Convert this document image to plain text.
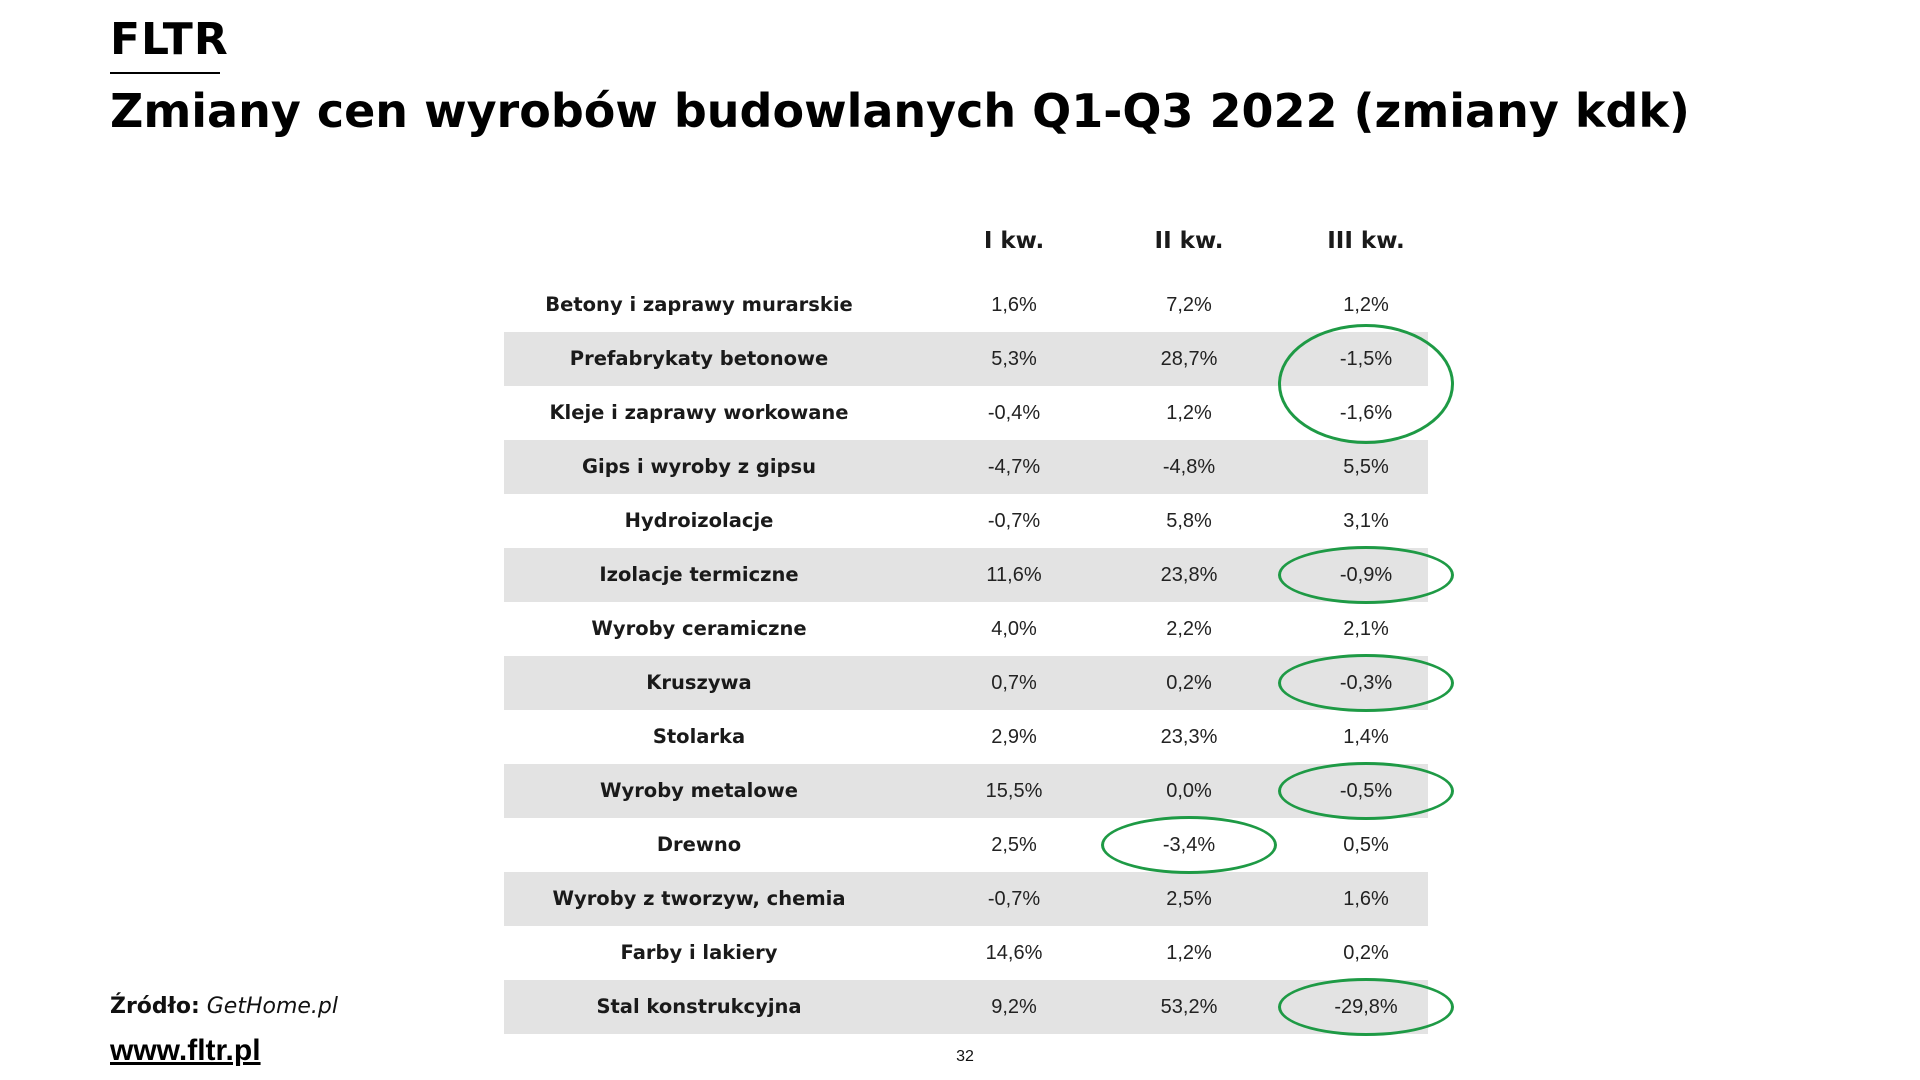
FLTR
Zmiany cen wyrobów budowlanych Q1-Q3 2022 (zmiany kdk)
I kw.	II kw.	III kw.
Betony i zaprawy murarskie	1,6%	7,2%	1,2%
Prefabrykaty betonowe	5,3%	28,7%	-1,5%
Kleje i zaprawy workowane	-0,4%	1,2%	-1,6%
Gips i wyroby z gipsu	-4,7%	-4,8%	5,5%
Hydroizolacje	-0,7%	5,8%	3,1%
Izolacje termiczne	11,6%	23,8%	-0,9%
Wyroby ceramiczne	4,0%	2,2%	2,1%
Kruszywa	0,7%	0,2%	-0,3%
Stolarka	2,9%	23,3%	1,4%
Wyroby metalowe	15,5%	0,0%	-0,5%
Drewno	2,5%	-3,4%	0,5%
Wyroby z tworzyw, chemia	-0,7%	2,5%	1,6%
Farby i lakiery	14,6%	1,2%	0,2%
Stal konstrukcyjna	9,2%	53,2%	-29,8%
Źródło: GetHome.pl
www.fltr.pl	32
